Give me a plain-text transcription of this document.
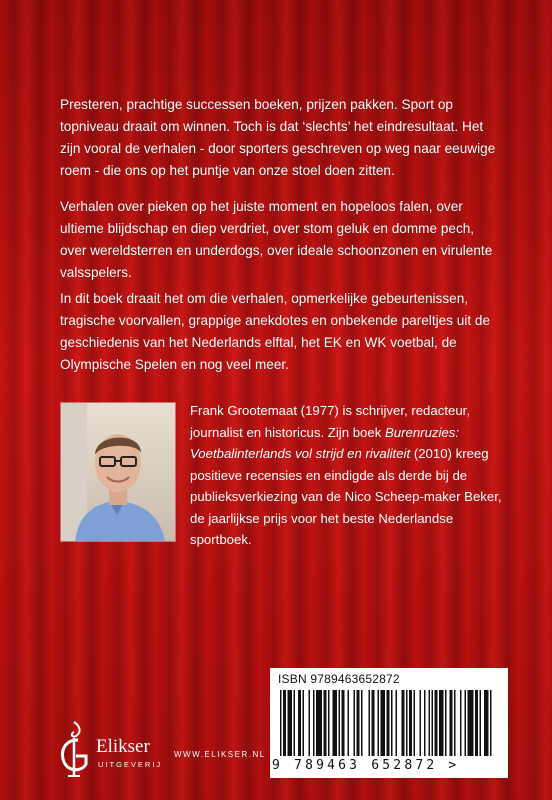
Presteren, prachtige successen boeken, prijzen pakken. Sport op topniveau draait om winnen. Toch is dat ‘slechts’ het eindresultaat. Het zijn vooral de verhalen - door sporters geschreven op weg naar eeuwige roem - die ons op het puntje van onze stoel doen zitten.

Verhalen over pieken op het juiste moment en hopeloos falen, over ultieme blijdschap en diep verdriet, over stom geluk en domme pech, over wereldsterren en underdogs, over ideale schoonzonen en virulente valsspelers.

In dit boek draait het om die verhalen, opmerkelijke gebeurtenissen, tragische voorvallen, grappige anekdotes en onbekende pareltjes uit de geschiedenis van het Nederlands elftal, het EK en WK voetbal, de Olympische Spelen en nog veel meer.

Frank Grootemaat (1977) is schrijver, redacteur, journalist en historicus. Zijn boek Burenruzies: Voetbalinterlands vol strijd en rivaliteit (2010) kreeg positieve recensies en eindigde als derde bij de publieksverkiezing van de Nico Scheep-maker Beker, de jaarlijkse prijs voor het beste Nederlandse sportboek.

Elikser
UITGEVERIJ
WWW.ELIKSER.NL
ISBN 9789463652872
9 789463 652872 >
